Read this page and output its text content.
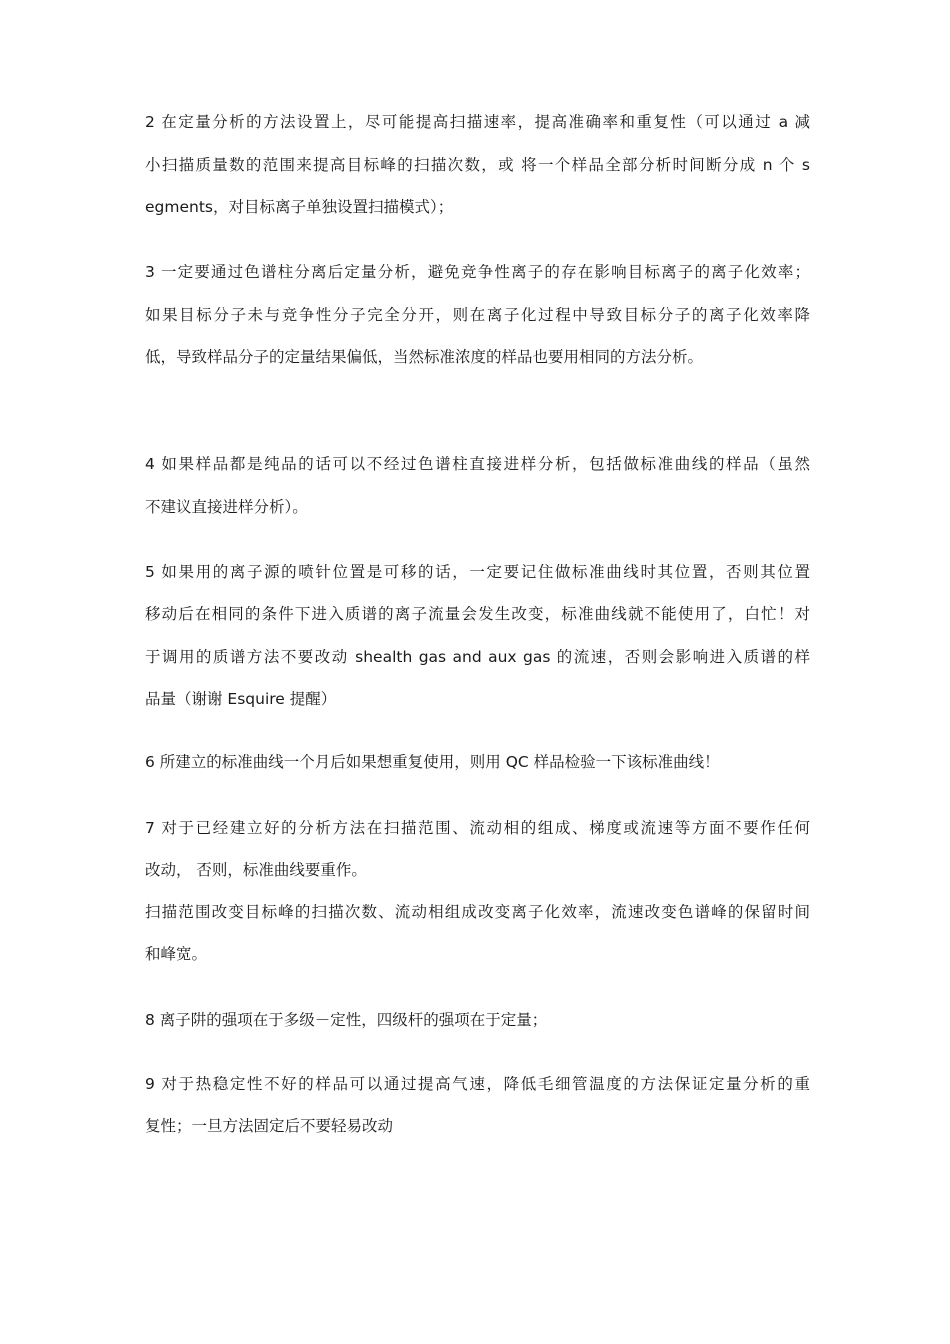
2 在定量分析的方法设置上，尽可能提高扫描速率，提高准确率和重复性（可以通过 a 减
小扫描质量数的范围来提高目标峰的扫描次数，或 将一个样品全部分析时间断分成 n 个 s
egments，对目标离子单独设置扫描模式）；
3 一定要通过色谱柱分离后定量分析，避免竞争性离子的存在影响目标离子的离子化效率；
如果目标分子未与竞争性分子完全分开，则在离子化过程中导致目标分子的离子化效率降
低，导致样品分子的定量结果偏低，当然标准浓度的样品也要用相同的方法分析。
4 如果样品都是纯品的话可以不经过色谱柱直接进样分析，包括做标准曲线的样品（虽然
不建议直接进样分析）。
5 如果用的离子源的喷针位置是可移的话，一定要记住做标准曲线时其位置，否则其位置
移动后在相同的条件下进入质谱的离子流量会发生改变，标准曲线就不能使用了，白忙！对
于调用的质谱方法不要改动 shealth gas and aux gas 的流速，否则会影响进入质谱的样
品量（谢谢 Esquire 提醒）
6 所建立的标准曲线一个月后如果想重复使用，则用 QC 样品检验一下该标准曲线！
7 对于已经建立好的分析方法在扫描范围、流动相的组成、梯度或流速等方面不要作任何
改动， 否则，标准曲线要重作。
扫描范围改变目标峰的扫描次数、流动相组成改变离子化效率，流速改变色谱峰的保留时间
和峰宽。
8 离子阱的强项在于多级－定性，四级杆的强项在于定量；
9 对于热稳定性不好的样品可以通过提高气速，降低毛细管温度的方法保证定量分析的重
复性；一旦方法固定后不要轻易改动
